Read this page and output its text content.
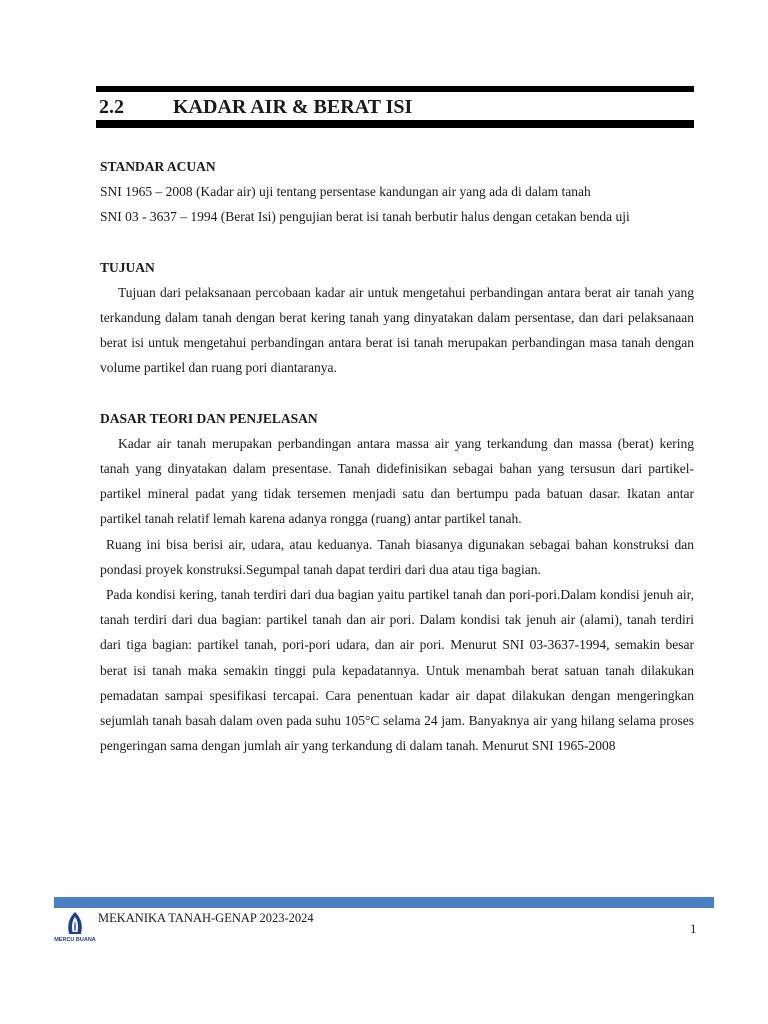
2.2 KADAR AIR & BERAT ISI

STANDAR ACUAN

SNI 1965 – 2008 (Kadar air) uji tentang persentase kandungan air yang ada di dalam tanah

SNI 03 - 3637 – 1994 (Berat Isi) pengujian berat isi tanah berbutir halus dengan cetakan benda uji

TUJUAN

Tujuan dari pelaksanaan percobaan kadar air untuk mengetahui perbandingan antara berat air tanah yang terkandung dalam tanah dengan berat kering tanah yang dinyatakan dalam persentase, dan dari pelaksanaan berat isi untuk mengetahui perbandingan antara berat isi tanah merupakan perbandingan masa tanah dengan volume partikel dan ruang pori diantaranya.

DASAR TEORI DAN PENJELASAN

Kadar air tanah merupakan perbandingan antara massa air yang terkandung dan massa (berat) kering tanah yang dinyatakan dalam presentase. Tanah didefinisikan sebagai bahan yang tersusun dari partikel-partikel mineral padat yang tidak tersemen menjadi satu dan bertumpu pada batuan dasar. Ikatan antar partikel tanah relatif lemah karena adanya rongga (ruang) antar partikel tanah.

Ruang ini bisa berisi air, udara, atau keduanya. Tanah biasanya digunakan sebagai bahan konstruksi dan pondasi proyek konstruksi.Segumpal tanah dapat terdiri dari dua atau tiga bagian.

Pada kondisi kering, tanah terdiri dari dua bagian yaitu partikel tanah dan pori-pori.Dalam kondisi jenuh air, tanah terdiri dari dua bagian: partikel tanah dan air pori. Dalam kondisi tak jenuh air (alami), tanah terdiri dari tiga bagian: partikel tanah, pori-pori udara, dan air pori. Menurut SNI 03-3637-1994, semakin besar berat isi tanah maka semakin tinggi pula kepadatannya. Untuk menambah berat satuan tanah dilakukan pemadatan sampai spesifikasi tercapai. Cara penentuan kadar air dapat dilakukan dengan mengeringkan sejumlah tanah basah dalam oven pada suhu 105°C selama 24 jam. Banyaknya air yang hilang selama proses pengeringan sama dengan jumlah air yang terkandung di dalam tanah. Menurut SNI 1965-2008

MERCU BUANA
MEKANIKA TANAH-GENAP 2023-2024
1
